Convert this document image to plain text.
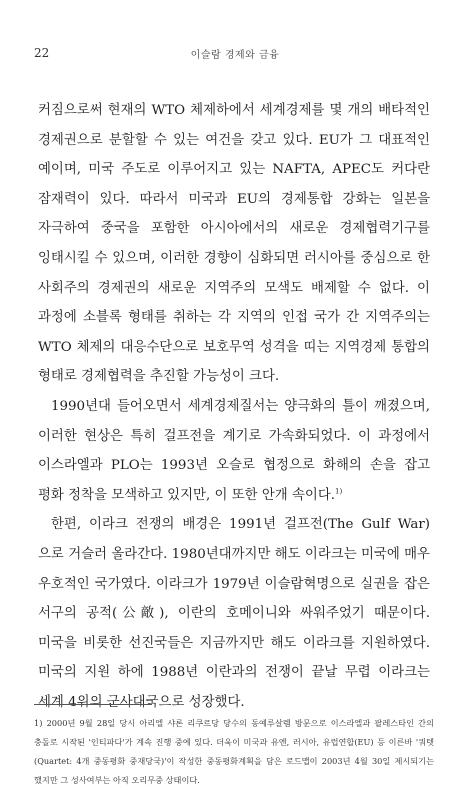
22	이슬람 경제와 금융

커짐으로써 현재의 WTO 체제하에서 세계경제를 몇 개의 배타적인 경제권으로 분할할 수 있는 여건을 갖고 있다. EU가 그 대표적인 예이며, 미국 주도로 이루어지고 있는 NAFTA, APEC도 커다란 잠재력이 있다. 따라서 미국과 EU의 경제통합 강화는 일본을 자극하여 중국을 포함한 아시아에서의 새로운 경제협력기구를 잉태시킬 수 있으며, 이러한 경향이 심화되면 러시아를 중심으로 한 사회주의 경제권의 새로운 지역주의 모색도 배제할 수 없다. 이 과정에 소블록 형태를 취하는 각 지역의 인접 국가 간 지역주의는 WTO 체제의 대응수단으로 보호무역 성격을 띠는 지역경제 통합의 형태로 경제협력을 추진할 가능성이 크다.

1990년대 들어오면서 세계경제질서는 양극화의 틀이 깨졌으며, 이러한 현상은 특히 걸프전을 계기로 가속화되었다. 이 과정에서 이스라엘과 PLO는 1993년 오슬로 협정으로 화해의 손을 잡고 평화 정착을 모색하고 있지만, 이 또한 안개 속이다.$^{1)}$

한편, 이라크 전쟁의 배경은 1991년 걸프전(The Gulf War)으로 거슬러 올라간다. 1980년대까지만 해도 이라크는 미국에 매우 우호적인 국가였다. 이라크가 1979년 이슬람혁명으로 실권을 잡은 서구의 공적(公敵), 이란의 호메이니와 싸워주었기 때문이다. 미국을 비롯한 선진국들은 지금까지만 해도 이라크를 지원하였다. 미국의 지원 하에 1988년 이란과의 전쟁이 끝날 무렵 이라크는 세계 4위의 군사대국으로 성장했다.

1) 2000년 9월 28일 당시 아리엘 샤론 리쿠르당 당수의 동예루살렘 방문으로 이스라엘과 팔레스타인 간의 충돌로 시작된 '인티파다'가 계속 진행 중에 있다. 더욱이 미국과 유엔, 러시아, 유럽연합(EU) 등 이른바 '쿼텟(Quartet: 4개 중동평화 중재당국)'이 작성한 중동평화계획을 담은 로드맵이 2003년 4월 30일 제시되기는 했지만 그 성사여부는 아직 오리무중 상태이다.
